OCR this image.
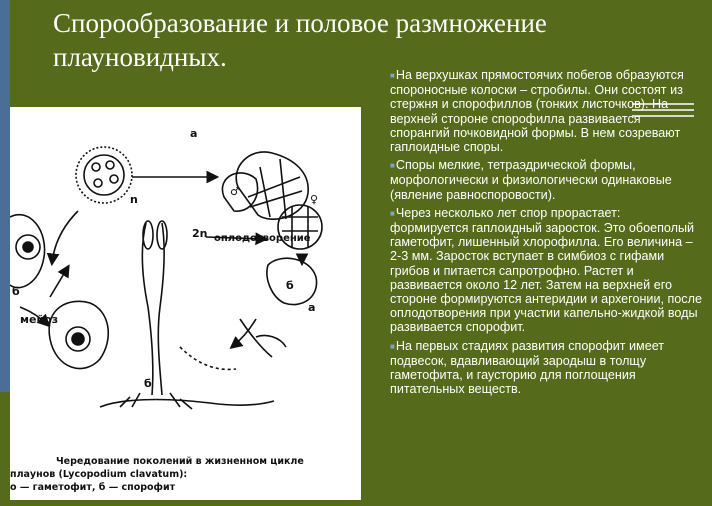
Спорообразование и половое размножение плауновидных.
а
n
2n
б
мейоз
оплодотворение
♂
♀
б
а
б
Чередование поколений в жизненном цикле
плаунов (Lycopodium clavatum):
о — гаметофит, б — спорофит

■На верхушках прямостоячих побегов образуются спороносные колоски – стробилы. Они состоят из стержня и спорофиллов (тонких листочков). На верхней стороне спорофилла развивается спорангий почковидной формы. В нем созревают гаплоидные споры.

■Споры мелкие, тетраэдрической формы, морфологически и физиологически одинаковые (явление равноспоровости).

■Через несколько лет спор прорастает: формируется гаплоидный заросток. Это обоеполый гаметофит, лишенный хлорофилла. Его величина – 2-3 мм. Заросток вступает в симбиоз с гифами грибов и питается сапротрофно. Растет и развивается около 12 лет. Затем на верхней его стороне формируются антеридии и архегонии, после оплодотворения при участии капельно-жидкой воды развивается спорофит.

■На первых стадиях развития спорофит имеет подвесок, вдавливающий зародыш в толщу гаметофита, и гаусторию для поглощения питательных веществ.
